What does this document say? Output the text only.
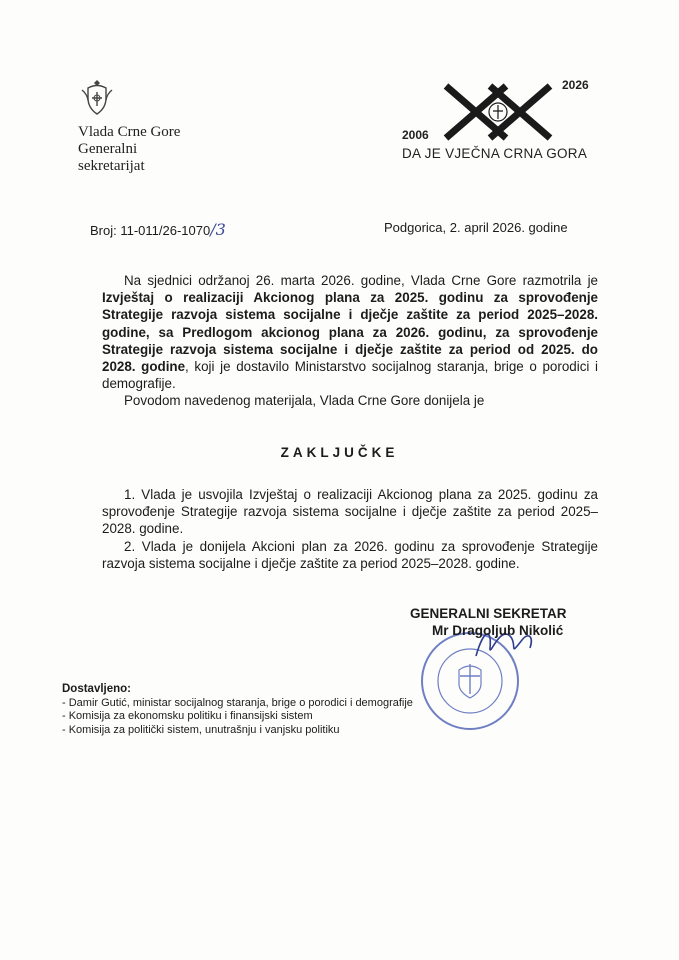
Vlada Crne Gore
Generalni
sekretarijat
2026
2006
DA JE VJEČNA CRNA GORA
Broj: 11-011/26-1070/3	Podgorica, 2. april 2026. godine

Na sjednici održanoj 26. marta 2026. godine, Vlada Crne Gore razmotrila je Izvještaj o realizaciji Akcionog plana za 2025. godinu za sprovođenje Strategije razvoja sistema socijalne i dječje zaštite za period 2025–2028. godine, sa Predlogom akcionog plana za 2026. godinu, za sprovođenje Strategije razvoja sistema socijalne i dječje zaštite za period od 2025. do 2028. godine, koji je dostavilo Ministarstvo socijalnog staranja, brige o porodici i demografije.

Povodom navedenog materijala, Vlada Crne Gore donijela je

ZAKLJUČKE

1. Vlada je usvojila Izvještaj o realizaciji Akcionog plana za 2025. godinu za sprovođenje Strategije razvoja sistema socijalne i dječje zaštite za period 2025–2028. godine.

2. Vlada je donijela Akcioni plan za 2026. godinu za sprovođenje Strategije razvoja sistema socijalne i dječje zaštite za period 2025–2028. godine.

GENERALNI SEKRETAR
Mr Dragoljub Nikolić
Dostavljeno:
- Damir Gutić, ministar socijalnog staranja, brige o porodici i demografije
- Komisija za ekonomsku politiku i finansijski sistem
- Komisija za politički sistem, unutrašnju i vanjsku politiku
